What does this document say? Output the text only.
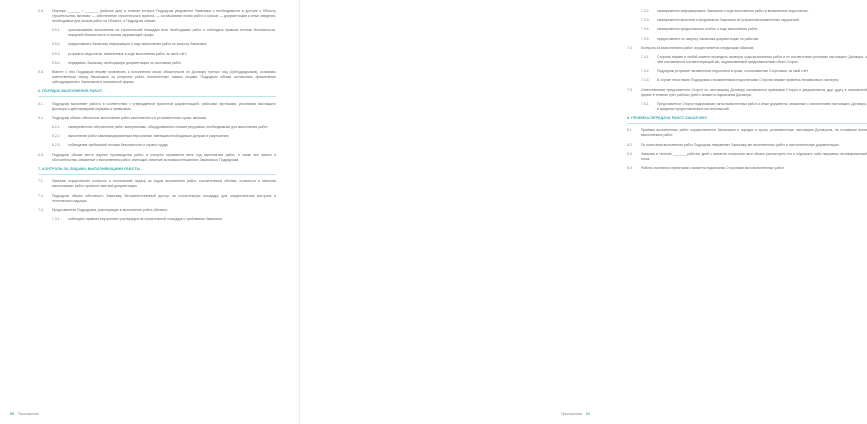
5.5.	Платежи _______ / _______ (рабочие дни) в течение которых Подрядчик уведомляет Заказчика о необходимости в доступе к Объекту строительства, включая: — обеспечение строительного проекта; — согласование плана работ и сроков; — документацию и иные сведения, необходимые для начала работ на Объекте, и Подрядчик обязан:
5.5.1.	организовывать выполнение на строительной площадке всех необходимых работ и соблюдать правила техники безопасности, пожарной безопасности и охраны окружающей среды;
5.5.2.	предоставлять Заказчику информацию о ходе выполнения работ по запросу Заказчика;
5.5.3.	устранять недостатки, выявленные в ходе выполнения работ, за свой счёт;
5.5.4.	передавать Заказчику необходимую документацию по окончании работ.
5.6.	Вместе с тем Подрядчик вправе привлекать к исполнению своих обязательств по Договору третьих лиц (субподрядчиков), оставаясь ответственным перед Заказчиком за результат работ, выполненных такими лицами. Подрядчик обязан согласовать привлечение субподрядчиков с Заказчиком в письменной форме.
6. ПОРЯДОК ВЫПОЛНЕНИЯ РАБОТ
6.1.	Подрядчик выполняет работы в соответствии с утвержденной проектной документацией, рабочими чертежами, условиями настоящего Договора и действующими нормами и правилами.
6.2.	Подрядчик обязан обеспечить выполнение работ качественно и в установленные сроки, включая:
6.2.1.	своевременное обеспечение работ материалами, оборудованием и иными ресурсами, необходимыми для выполнения работ;
6.2.2.	выполнение работ квалифицированным персоналом, имеющим необходимые допуски и разрешения;
6.2.3.	соблюдение требований техники безопасности и охраны труда;
6.3.	Подрядчик обязан вести журнал производства работ, в котором отражается весь ход выполнения работ, а также все факты и обстоятельства, связанные с выполнением работ, имеющие значение во взаимоотношениях Заказчика и Подрядчика.
7. КОНТРОЛЬ ЗА ЛИЦАМИ, ВЫПОЛНЯЮЩИМИ РАБОТЫ
7.1.	Заказчик осуществляет контроль и технический надзор за ходом выполнения работ, соответствием объёма, стоимости и качества выполняемых работ проектно-сметной документации.
7.2.	Подрядчик обязан обеспечить Заказчику беспрепятственный доступ на строительную площадку для осуществления контроля и технического надзора.
7.3.	Представители Подрядчика, участвующие в выполнении работ, обязаны:
7.3.1.	соблюдать правила внутреннего распорядка на строительной площадке и требования Заказчика.
50 Приложения
7.3.2.	своевременно информировать Заказчика о ходе выполнения работ и выявленных недостатках;
7.3.3.	своевременно выполнять предписания Заказчика об устранении выявленных нарушений;
7.3.4.	своевременно предоставлять отчёты о ходе выполнения работ;
7.3.5.	предоставлять по запросу Заказчика документацию по работам.
7.4.	Контроль за выполнением работ осуществляется следующим образом:
7.4.1.	Стороны вправе в любой момент проводить проверку хода выполнения работ и их соответствия условиям настоящего Договора, о чём составляется соответствующий акт, подписываемый представителями обеих Сторон.
7.4.2.	Подрядчик устраняет выявленные недостатки в сроки, согласованные Сторонами, за свой счёт.
7.4.3.	В случае несогласия Подрядчика с выявленными недостатками Стороны вправе привлечь независимого эксперта.
7.5.	Ответственные представители Сторон по настоящему Договору назначаются приказами Сторон и уведомляются друг другу в письменной форме в течение трёх рабочих дней с момента подписания Договора.
7.5.1.	Представители Сторон подписывают акты выполненных работ и иные документы, связанные с исполнением настоящего Договора, в пределах предоставленных им полномочий.
8. ПРИЕМКА-ПЕРЕДАЧА РАБОТ ЗАКАЗЧИКУ
8.1.	Приёмка выполненных работ осуществляется Заказчиком в порядке и сроки, установленные настоящим Договором, на основании актов выполненных работ.
8.2.	По окончании выполнения работ Подрядчик направляет Заказчику акт выполненных работ и исполнительную документацию.
8.3.	Заказчик в течение _______ рабочих дней с момента получения акта обязан рассмотреть его и подписать либо направить мотивированный отказ.
8.4.	Работы считаются принятыми с момента подписания Сторонами акта выполненных работ.
Приложения 51
